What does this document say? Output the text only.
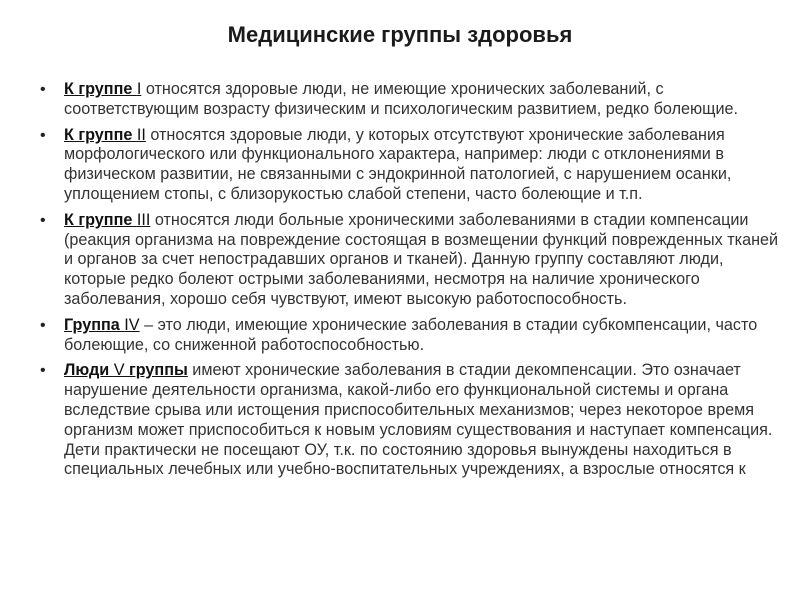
Медицинские группы здоровья
• К группе I относятся здоровые люди, не имеющие хронических заболеваний, с соответствующим возрасту физическим и психологическим развитием, редко болеющие.
• К группе II относятся здоровые люди, у которых отсутствуют хронические заболевания морфологического или функционального характера, например: люди с отклонениями в физическом развитии, не связанными с эндокринной патологией, с нарушением осанки, уплощением стопы, с близорукостью слабой степени, часто болеющие и т.п.
• К группе III относятся люди больные хроническими заболеваниями в стадии компенсации (реакция организма на повреждение состоящая в возмещении функций поврежденных тканей и органов за счет непострадавших органов и тканей). Данную группу составляют люди, которые редко болеют острыми заболеваниями, несмотря на наличие хронического заболевания, хорошо себя чувствуют, имеют высокую работоспособность.
• Группа IV – это люди, имеющие хронические заболевания в стадии субкомпенсации, часто болеющие, со сниженной работоспособностью.
• Люди V группы имеют хронические заболевания в стадии декомпенсации. Это означает нарушение деятельности организма, какой-либо его функциональной системы и органа вследствие срыва или истощения приспособительных механизмов; через некоторое время организм может приспособиться к новым условиям существования и наступает компенсация. Дети практически не посещают ОУ, т.к. по состоянию здоровья вынуждены находиться в специальных лечебных или учебно-воспитательных учреждениях, а взрослые относятся к
